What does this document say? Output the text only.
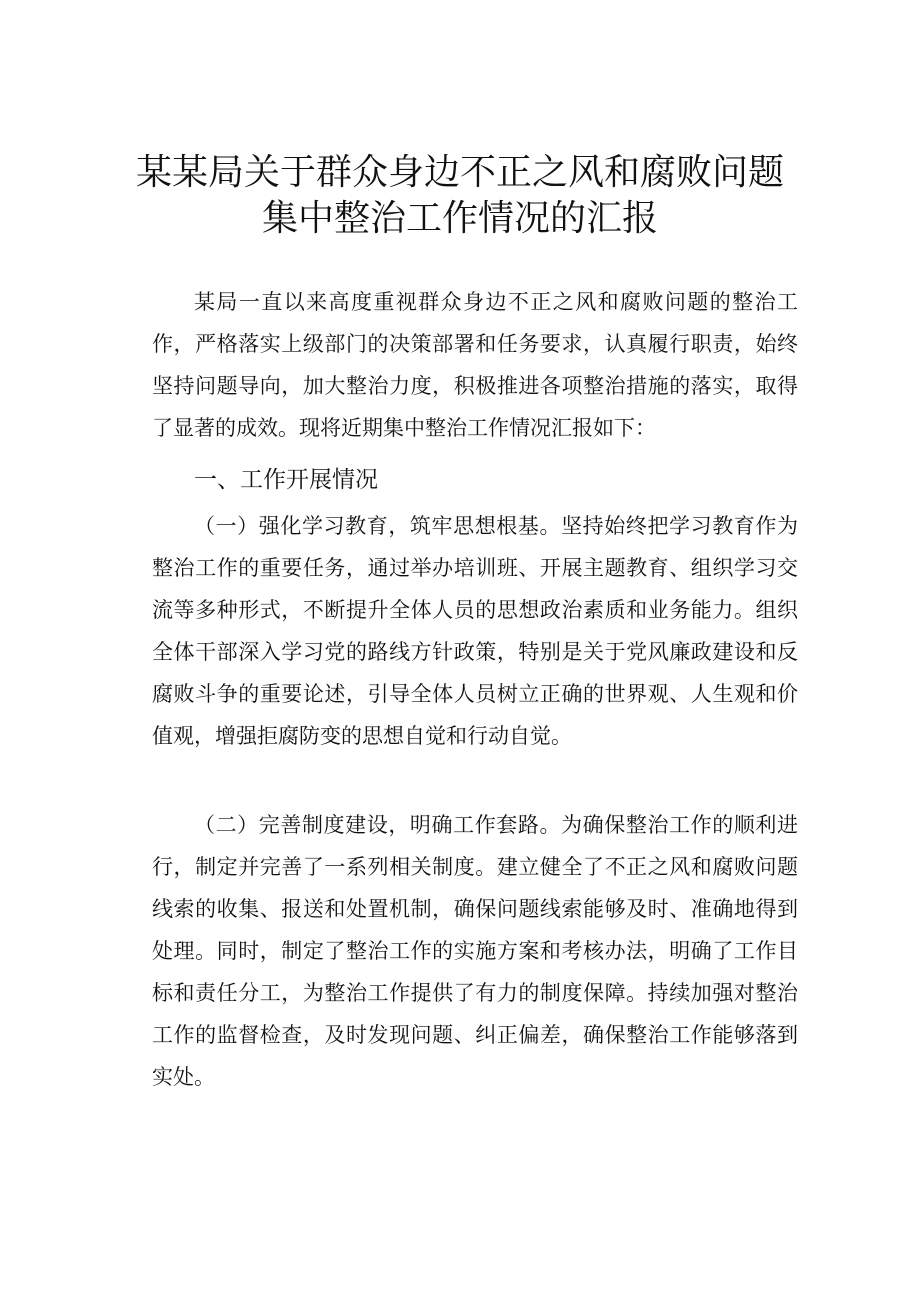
某某局关于群众身边不正之风和腐败问题
集中整治工作情况的汇报

某局一直以来高度重视群众身边不正之风和腐败问题的整治工作，严格落实上级部门的决策部署和任务要求，认真履行职责，始终坚持问题导向，加大整治力度，积极推进各项整治措施的落实，取得了显著的成效。现将近期集中整治工作情况汇报如下：

一、工作开展情况

（一）强化学习教育，筑牢思想根基。坚持始终把学习教育作为整治工作的重要任务，通过举办培训班、开展主题教育、组织学习交流等多种形式，不断提升全体人员的思想政治素质和业务能力。组织全体干部深入学习党的路线方针政策，特别是关于党风廉政建设和反腐败斗争的重要论述，引导全体人员树立正确的世界观、人生观和价值观，增强拒腐防变的思想自觉和行动自觉。

（二）完善制度建设，明确工作套路。为确保整治工作的顺利进行，制定并完善了一系列相关制度。建立健全了不正之风和腐败问题线索的收集、报送和处置机制，确保问题线索能够及时、准确地得到处理。同时，制定了整治工作的实施方案和考核办法，明确了工作目标和责任分工，为整治工作提供了有力的制度保障。持续加强对整治工作的监督检查，及时发现问题、纠正偏差，确保整治工作能够落到实处。
